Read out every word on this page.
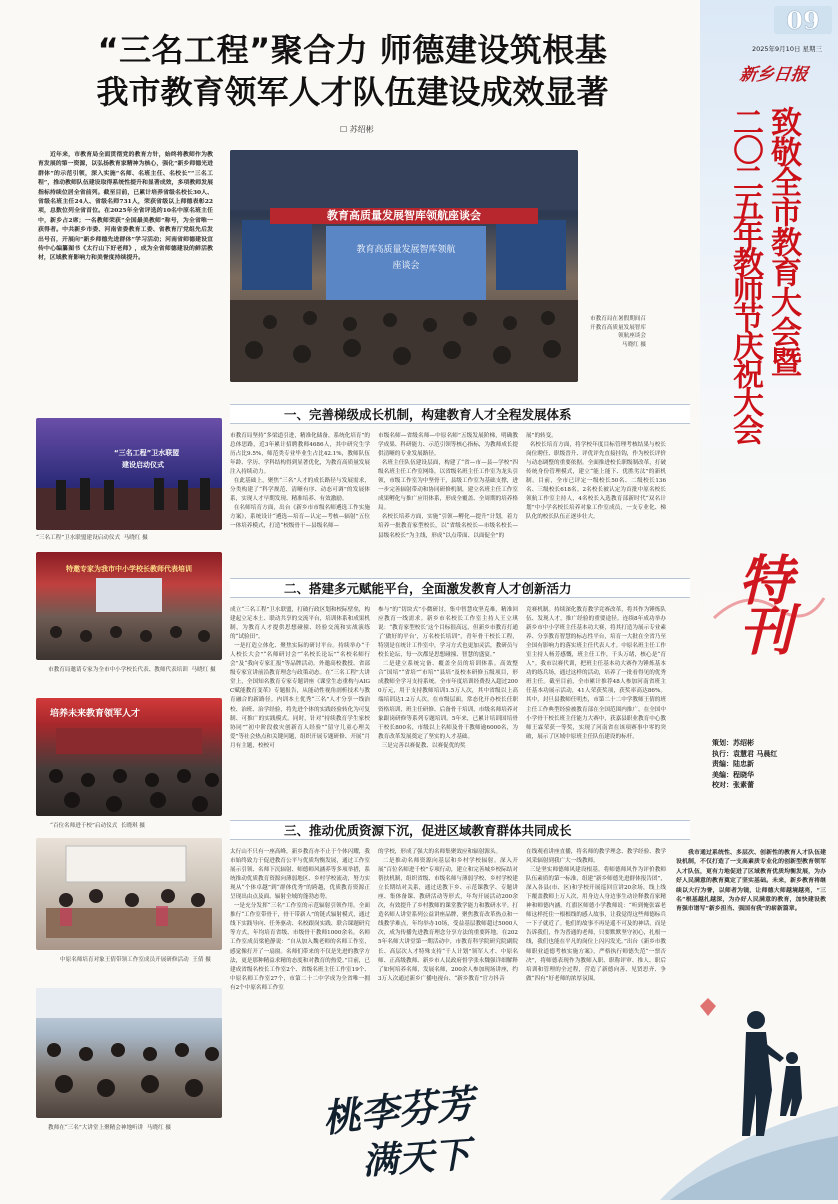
“三名工程”聚合力 师德建设筑根基
我市教育领军人才队伍建设成效显著
☐ 苏绍彬
09
2025年9月10日 星期三
新乡日报
致敬全市教育大会暨
二〇二五年教师节庆祝大会
特刊
策划：苏绍彬
执行：袁慧君 马晨红
责编：陆忠新
美编：程晓华
校对：张素蕾
近年来，市教育局全面贯彻党的教育方针，始终将教师作为教育发展的第一资源，以弘扬教育家精神为核心，强化“新乡师德光进群体”的示范引领，深入实施“名师、名班主任、名校长”“三名工程”，推动教师队伍建设取得系统性提升和显著成效，多项教师发展指标持续位居全省前列。截至目前，已累计培养省级名校长30人、省级名班主任24人、省级名师731人，荣获省级以上师德表彰22项，总数位列全省首位。在2025年全省评选的10名中原名班主任中，新乡占2席；一名教师荣获“全国最美教师”称号，为全省唯一获得者。中共新乡市委、河南省委教育工委、省教育厅党组先后发出号召，开展向“新乡师德先进群体”学习活动；河南省师德建设宣传中心编纂图书《太行山下好老师》，成为全省师德建设的鲜活教材，区域教育影响力和美誉度持续提升。
教育高质量发展智库领航座谈会
教育高质量发展智库领航
座谈会
市教育局在暑假期间召开教育高质量发展智库领航座谈会
马晓红 摄
“三名工程”卫水联盟
建设启动仪式
“三名工程”卫水联盟建设启动仪式 马晓红 摄
特邀专家为我市中小学校长教师代表培训
市教育局邀请专家为全市中小学校长代表、教师代表培训 马晓红 摄
培养未来教育领军人才
“百位名师进千校”启动仪式 长晓琪 摄
中原名师培育对象王倩带领工作室成员开展研修活动 王倩 摄
教师在“三名”大讲堂上聚精会神地听讲 马晓红 摄
一、完善梯级成长机制，构建教育人才全程发展体系
市教育局坚持“多梁道引进，精准化储备，系统化培育”的总体思路，近3年累计招聘教师4686人，其中研究生学历占比9.5%，师范类专业毕业生占比42.1%，教师队伍年龄、学历、学科结构得到显著优化，为教育高质量发展注入持续动力。
在此基础上，聚焦“三名”人才的成长路径与发展需求，分类构建了“科学规范、清晰有序、动态可调”的发展体系，实现人才早期发现、精准培养、有效激励。
在名师培育方面，出台《新乡市市级名师遴选工作实施方案》，系统设计“遴选—培育—认定—考核—辐射”五位一体培养模式，打造“校级骨干—县级名师—
市级名师—省级名师—中原名师”五级发展阶梯，明确教学成果、科研能力、示范引领等核心指标，为教师成长提供清晰的专业发展路径。
名班主任队伍建设层面，构建了“省—市—县—学校”四级名班主任工作室网络，以省级名班主任工作室为龙头引领，市级工作室为中坚骨干，县级工作室为基础支撑，进一步完善辐射带动和协同研修机制，建立名班主任工作室成果孵化与推广应用体系，形成全覆盖、全周期的培养格局。
名校长培养方面，实施“引领—孵化—提升”计划，着力培养一批教育家型校长，以“省级名校长—市级名校长—县级名校长”为主线，形成“以点带面、以面促全”的
展”的转变。
名校长培育方面，将学校年度目标管理考核结果与校长岗位聘任、职级晋升、评优评先直接挂钩，作为校长评价与动态调整的重要依据。全面推进校长职级制改革，打破传统身份管理模式，建立“能上能下、优胜劣汰”的新机制。目前，全市已评定一级校长50名、二级校长136名、三级校长618名。2名校长被认定为首批中原名校长领航工作室主持人，4名校长入选教育部新时代“双名计划”中小学名校长培养对象工作室成员，一支专业化、梯队化的校长队伍正逐步壮大。
二、搭建多元赋能平台，全面激发教育人才创新活力
成立“三名工程”卫水联盟，打破行政区划和校际壁垒，构建起立足本土、联动共享的交流平台，培训体系和成果机制，为教育人才提供思想碰撞、经验交流和实战演练的“试验田”。
一是打造立体化、聚焦实际的研讨平台。持续举办“千人校长大会”“名师研讨会”“名校长论坛”“名校名师行会”及“我向专家汇报”等品牌活动。外邀高校教授、省部级专家宣讲前沿教育理念与政策动态。在“三名工程”大讲堂上，全国知名教育专家专题讲座《课堂生态重构与AIGC赋能教育变革》专题报告，从能动性视角剖析技术与教育融合的新路径。内训本土优秀“三名”人才分享一线治校、治班、治学经验，将先进个体的实践经验转化为可复制、可推广的实践模式。同时，针对“持续教育学生家校协同”“初中阶段救灾创新育人经验”“留守儿童心理关爱”等社会热点和关键问题，组织开展专题研修、开展“月月有主题，校校可
参与”的“切块式”小微研讨，集中智慧攻坚克难，精准回应教育一线需求。新乡市名校长工作室主持人王立琪说：“教育家型校长‘这个目标很高远，但新乡市教育打通了‘做好的平台’，万名校长培训”，青年骨干校长工程，特别是在统计工作室中，学习方式也更加灵活，教研员与校长论坛，每一次都是思想碰撞、智慧的盛宴。”
二是建立系统完备、覆盖全员的培训体系。高效整合“国培”“省培”“市培”“县培”及校本研修五级项目，形成教师全学习支持系统。全市年度培训经费投入超过2000万元，用于支持教师培训1.5万人次，其中省级以上高端培训达1.2万人次。在市级层面，常态化开办校长任职资格培训，班主任研修、后备骨干培训，市级名师培养对象跟岗研修等系列专题培训。5年来，已累计培训国培骨干校长800名，市级以上名师及骨干教师逾6000名，为教育改革发展奠定了坚实的人才基础。
三是完善以赛促教、以赛促优的奖
竞赛机制。持续深化教育教学竞赛改革，将其作为锤炼队伍、发现人才，推广经验的重要途径。连续8年成功举办新乡市中小学班主任基本功大赛，将其打造为展示专业素养、分享教育智慧的标志性平台，培育一大批在全省乃至全国有影响力的落实班主任代表人才。中原名班主任工作室主持人杨芳感慨，班主任工作，千头万绪，核心是“育人”。我市以赛代训，把班主任基本功大赛作为锤炼基本功的练兵场，通过这样的活动，培养了一批看得见的优秀班主任。截至目前，全市累计推荐48人参加河南省班主任基本功展示活动，41人荣获奖项，获奖率高达86%。其中，封旦县教师任明杰，市第二十二中学教师王倩的班主任工作典型经验被教育部在全国范围内推广。在全国中小学骨干校长班主任能力大赛中，获嘉县职业教育中心教师王霖荣获一等奖，实现了河南省在该项赛事中零的突破，展示了区域中原班主任队伍建设的标杆。
三、推动优质资源下沉，促进区域教育群体共同成长
太行山不只有一座高峰，新乡教育亦不止于个体闪耀，我市始终致力于促进教育公平与优质均衡发展，通过工作室展示引领、名师下沉辐射、师德师风涵养等多项举措，系统推动优质教育资源向薄弱地区、乡村学校流动，努力实现从“个体卓越”到“群体优秀”的跨越，优质教育资源正呈现出由点及面、辐射全域的蓬勃态势。
一是充分发挥“三名”工作室的示范辐射引领作用。全面推行“工作室带骨干，骨干带新人”的链式辐射模式，通过线下实践导向、任务驱动、名校跟岗实践、联合课题研究等方式，年均培育省级、市级骨干教师1000余名。名师工作室成员梁艳静说：“自从加入魏老师的名师工作室，感觉像打开了一扇窗。名师们带来的不仅是先进的教学方法，更是那种精益求精的态度和对教育的热爱。”目前，已建成省级名校长工作室2个、省级名班主任工作室19个、中原名师工作室27个，市第二十二中学成为全省唯一拥有2个中原名师工作室
的学校，形成了强大的名师集聚效应和辐射源头。
二是推动名师资源向基层和乡村学校辐射。深入开展“百位名师进千校”专项行动，建立和完善城乡校际结对帮扶机制，组织省级、市级名师与薄弱学校、乡村学校建立长期结对关系，通过送教下乡、示范课教学、专题讲座、集体备课、教研活动等形式，年均开展活动200余次，有效提升了乡村教师的课堂教学能力和教研水平。打造名师人讲堂系列公益讲座品牌，聚焦教育改革热点和一线教学难点，年均举办10场，受益基层教师超过5000人次，成为传播先进教育理念分享方法的重要阵地。在2025年名师大讲堂第一期活动中，市教育科学院研究院副院长、高层次人才特殊支持“千人计划”领军人才、中原名师、正高级教师、新乡市人民政府督学张永魏强详细解释了如何培养名师，发展名师，200余人参加现场讲座，约3万人次通过新乡广播电视台、“新乡教育”官方抖音
在线观看讲座直播，将名师的教学理念、教学经验、教学风采辐射到我广大一线教师。
三是坚实师德师风建设根基。将师德师风作为评价教师队伍素质的第一标准，组建“新乡师德先进群体报告团”，深入各县(市、区)和学校开展巡回宣讲20余场，线上线下覆盖教师上万人次，用身边人身边事生动诠释教育家精神和师德内涵。红旗区师德小学教师说：“听到俺张霖老师这样托住一根根线的感人故事，让我觉得这些师德标兵一下子就近了。他们的故事不再是遥不可及的神话，而是告诉我们，作为普通的老师，只要默默坚守初心，扎根一线，我们也能在平凡的岗位上闪闪发光。”出台《新乡市教师职业道德考核实施方案》，严格执行师德失范“一票否决”，将师德表现作为教师入职、职称评审、推人、职后培训和管理的全过程，营造了新德向善、见贤思齐、争做“四有”好老师的浓厚氛围。
我市通过系统性、多层次、创新性的教育人才队伍建设机制，不仅打造了一支高素质专业化的创新型教育领军人才队伍，更有力地促进了区域教育优质均衡发展，为办好人民满意的教育奠定了坚实基础。未来，新乡教育将继续以大行为誉，以师者为镜，让师德大师越境越亮，“三名”根基越扎越深，为办好人民满意的教育，加快建设教育强市谱写“新乡担当、强国有我”的崭新篇章。
桃李芬芳
满天下
